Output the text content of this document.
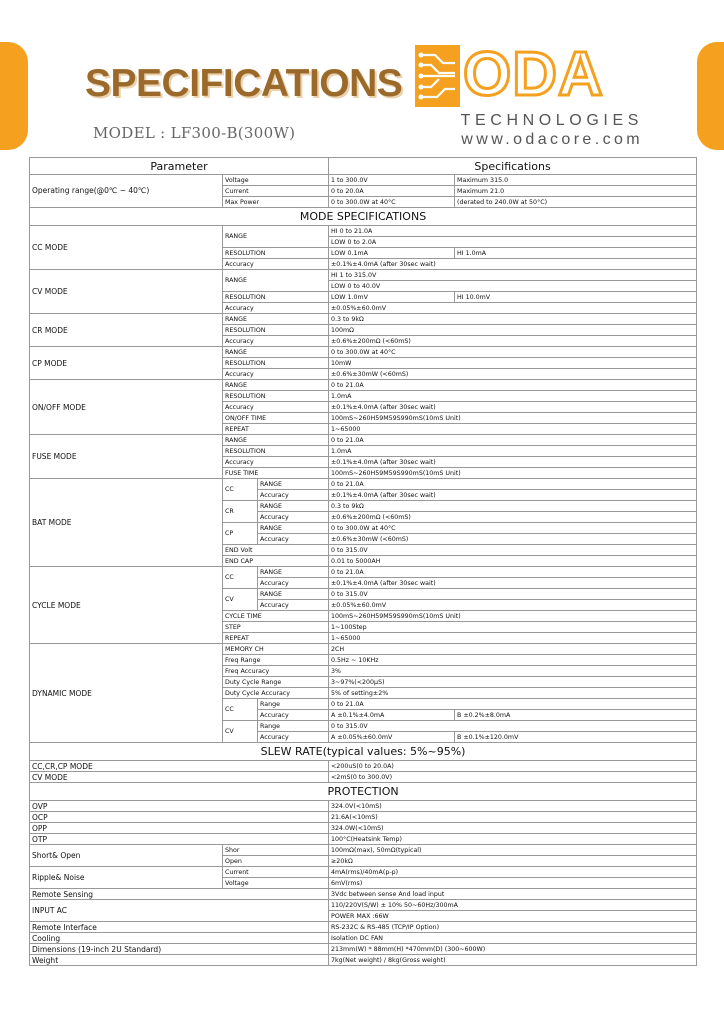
SPECIFICATIONS
MODEL : LF300-B(300W)
ODA
TECHNOLOGIES
www.odacore.com
Parameter			Specifications	
Operating range(@0℃ ~ 40℃)	Voltage		1 to 300.0V	Maximum 315.0
	Current		0 to 20.0A	Maximum 21.0
	Max Power		0 to 300.0W at 40°C	(derated to 240.0W at 50°C)
MODE SPECIFICATIONS				
CC MODE	RANGE		HI 0 to 21.0A	
			LOW 0 to 2.0A	
	RESOLUTION		LOW 0.1mA	HI 1.0mA
	Accuracy		±0.1%±4.0mA (after 30sec wait)	
CV MODE	RANGE		HI 1 to 315.0V	
			LOW 0 to 40.0V	
	RESOLUTION		LOW 1.0mV	HI 10.0mV
	Accuracy		±0.05%±60.0mV	
CR MODE	RANGE		0.3 to 9kΩ	
	RESOLUTION		100mΩ	
	Accuracy		±0.6%±200mΩ (<60mS)	
CP MODE	RANGE		0 to 300.0W at 40°C	
	RESOLUTION		10mW	
	Accuracy		±0.6%±30mW (<60mS)	
ON/OFF MODE	RANGE		0 to 21.0A	
	RESOLUTION		1.0mA	
	Accuracy		±0.1%±4.0mA (after 30sec wait)	
	ON/OFF TIME		100mS~260H59M59S990mS(10mS Unit)	
	REPEAT		1~65000	
FUSE MODE	RANGE		0 to 21.0A	
	RESOLUTION		1.0mA	
	Accuracy		±0.1%±4.0mA (after 30sec wait)	
	FUSE TIME		100mS~260H59M59S990mS(10mS Unit)	
BAT MODE	CC	RANGE	0 to 21.0A	
		Accuracy	±0.1%±4.0mA (after 30sec wait)	
	CR	RANGE	0.3 to 9kΩ	
		Accuracy	±0.6%±200mΩ (<60mS)	
	CP	RANGE	0 to 300.0W at 40°C	
		Accuracy	±0.6%±30mW (<60mS)	
	END Volt		0 to 315.0V	
	END CAP		0.01 to 5000AH	
CYCLE MODE	CC	RANGE	0 to 21.0A	
		Accuracy	±0.1%±4.0mA (after 30sec wait)	
	CV	RANGE	0 to 315.0V	
		Accuracy	±0.05%±60.0mV	
	CYCLE TIME		100mS~260H59M59S990mS(10mS Unit)	
	STEP		1~100Step	
	REPEAT		1~65000	
DYNAMIC MODE	MEMORY CH		2CH	
	Freq Range		0.5Hz ~ 10KHz	
	Freq Accuracy		3%	
	Duty Cycle Range		3~97%(<200μS)	
	Duty Cycle Accuracy		5% of setting±2%	
	CC	Range	0 to 21.0A	
		Accuracy	A ±0.1%±4.0mA	B ±0.2%±8.0mA
	CV	Range	0 to 315.0V	
		Accuracy	A ±0.05%±60.0mV	B ±0.1%±120.0mV
SLEW RATE(typical values: 5%~95%)				
CC,CR,CP MODE			<200uS(0 to 20.0A)	
CV MODE			<2mS(0 to 300.0V)	
PROTECTION				
OVP			324.0V(<10mS)	
OCP			21.6A(<10mS)	
OPP			324.0W(<10mS)	
OTP			100°C(Heatsink Temp)	
Short& Open	Shor		100mΩ(max), 50mΩ(typical)	
	Open		≥20kΩ	
Ripple& Noise	Current		4mA(rms)/40mA(p-p)	
	Voltage		6mV(rms)	
Remote Sensing			3Vdc between sense And load input	
INPUT AC			110/220V(S/W) ± 10% 50~60Hz/300mA	
			POWER MAX :66W	
Remote Interface			RS-232C & RS-485 (TCP/IP Option)	
Cooling			Isolation DC FAN	
Dimensions (19-inch 2U Standard)			213mm(W) * 88mm(H) *470mm(D) (300~600W)	
Weight			7kg(Net weight) / 8kg(Gross weight)	
